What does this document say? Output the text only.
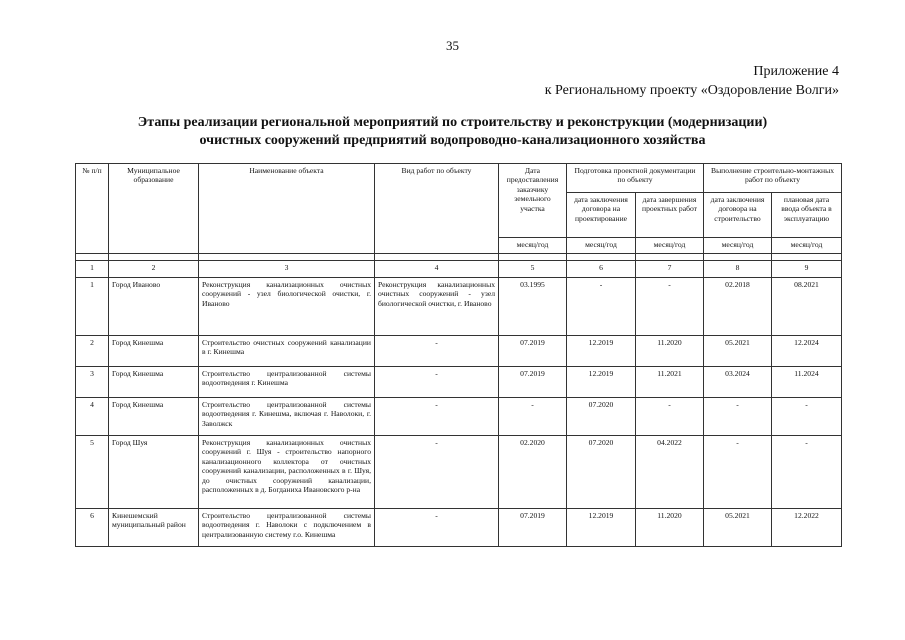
35
Приложение 4
к Региональному проекту «Оздоровление Волги»
Этапы реализации региональной мероприятий по строительству и реконструкции (модернизации)
очистных сооружений предприятий водопроводно-канализационного хозяйства
№ п/п	Муниципальное образование	Наименование объекта	Вид работ по объекту	Дата предоставления заказчику земельного участка	Подготовка проектной документации по объекту		Выполнение строительно-монтажных работ по объекту	
					дата заключения договора на проектирование	дата завершения проектных работ	дата заключения договора на строительство	плановая дата ввода объекта в эксплуатацию
				месяц/год	месяц/год	месяц/год	месяц/год	месяц/год

1	2	3	4	5	6	7	8	9
1	Город Иваново	Реконструкция канализационных очистных сооружений - узел биологической очистки, г. Иваново	Реконструкция канализационных очистных сооружений - узел биологической очистки, г. Иваново	03.1995	-	-	02.2018	08.2021
2	Город Кинешма	Строительство очистных сооружений канализации в г. Кинешма	-	07.2019	12.2019	11.2020	05.2021	12.2024
3	Город Кинешма	Строительство централизованной системы водоотведения г. Кинешма	-	07.2019	12.2019	11.2021	03.2024	11.2024
4	Город Кинешма	Строительство централизованной системы водоотведения г. Кинешма, включая г. Наволоки, г. Заволжск	-	-	07.2020	-	-	-
5	Город Шуя	Реконструкция канализационных очистных сооружений г. Шуя - строительство напорного канализационного коллектора от очистных сооружений канализации, расположенных в г. Шуя, до очистных сооружений канализации, расположенных в д. Богданиха Ивановского р-на	-	02.2020	07.2020	04.2022	-	-
6	Кинешемский муниципальный район	Строительство централизованной системы водоотведения г. Наволоки с подключением в централизованную систему г.о. Кинешма	-	07.2019	12.2019	11.2020	05.2021	12.2022
